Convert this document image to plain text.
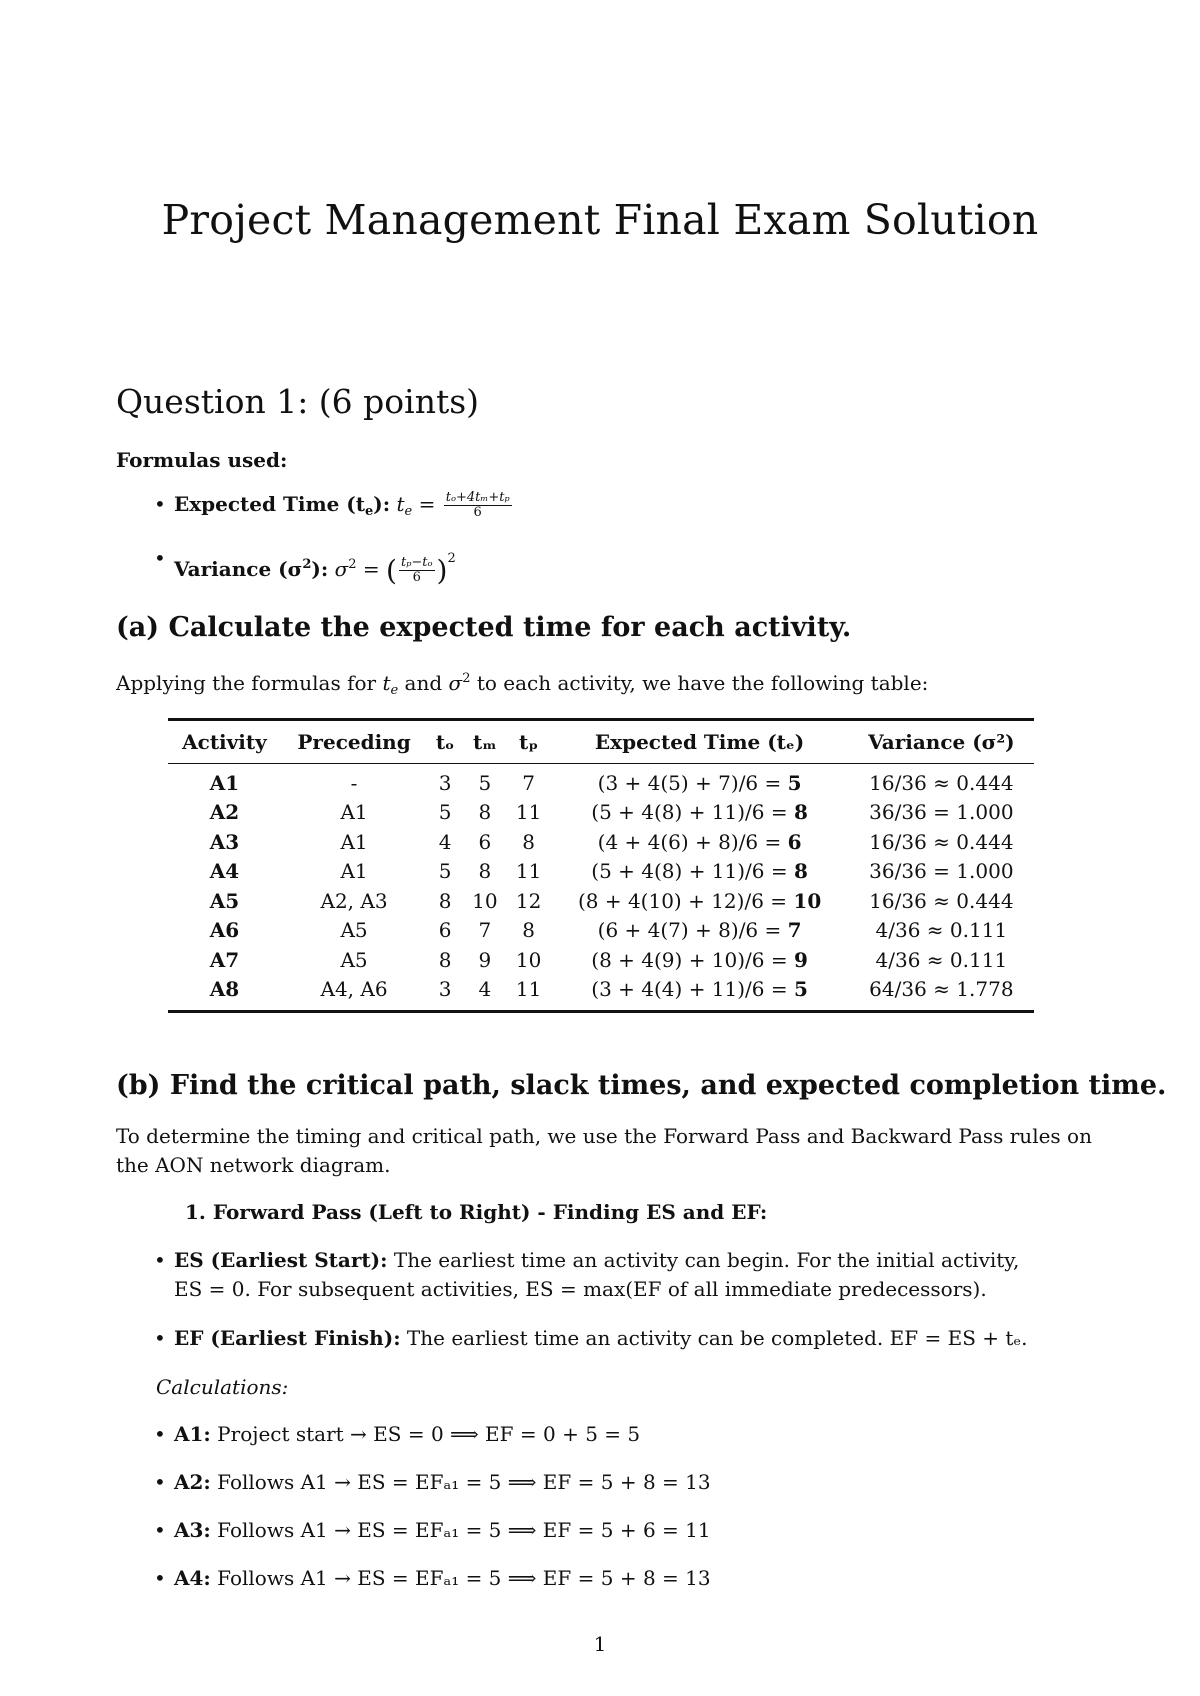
Project Management Final Exam Solution
Question 1: (6 points)

Formulas used:

• Expected Time $(t_e)$: $t_e = \frac{\text{tₒ+4tₘ+tₚ}}{6}$
• Variance $(\sigma^2)$: $\sigma^2$ = ( $\frac{\text{tₚ−tₒ}}{6} )^2$
(a) Calculate the expected time for each activity.

Applying the formulas for $t_e$ and $\sigma^2$ to each activity, we have the following table:

Activity	Preceding	tₒ	tₘ	tₚ	Expected Time (tₑ)	Variance (σ²)
A1	-	3	5	7	(3 + 4(5) + 7)/6 = 5	16/36 ≈ 0.444
A2	A1	5	8	11	(5 + 4(8) + 11)/6 = 8	36/36 = 1.000
A3	A1	4	6	8	(4 + 4(6) + 8)/6 = 6	16/36 ≈ 0.444
A4	A1	5	8	11	(5 + 4(8) + 11)/6 = 8	36/36 = 1.000
A5	A2, A3	8	10	12	(8 + 4(10) + 12)/6 = 10	16/36 ≈ 0.444
A6	A5	6	7	8	(6 + 4(7) + 8)/6 = 7	4/36 ≈ 0.111
A7	A5	8	9	10	(8 + 4(9) + 10)/6 = 9	4/36 ≈ 0.111
A8	A4, A6	3	4	11	(3 + 4(4) + 11)/6 = 5	64/36 ≈ 1.778
(b) Find the critical path, slack times, and expected completion time.

To determine the timing and critical path, we use the Forward Pass and Backward Pass rules on the AON network diagram.

1. Forward Pass (Left to Right) - Finding ES and EF:

• ES (Earliest Start): The earliest time an activity can begin. For the initial activity,
ES = 0. For subsequent activities, ES = max(EF of all immediate predecessors).
• EF (Earliest Finish): The earliest time an activity can be completed. EF = ES + tₑ.

Calculations:

• A1: Project start → ES = 0 ⟹ EF = 0 + 5 = 5
• A2: Follows A1 → ES = EFₐ₁ = 5 ⟹ EF = 5 + 8 = 13
• A3: Follows A1 → ES = EFₐ₁ = 5 ⟹ EF = 5 + 6 = 11
• A4: Follows A1 → ES = EFₐ₁ = 5 ⟹ EF = 5 + 8 = 13
1
